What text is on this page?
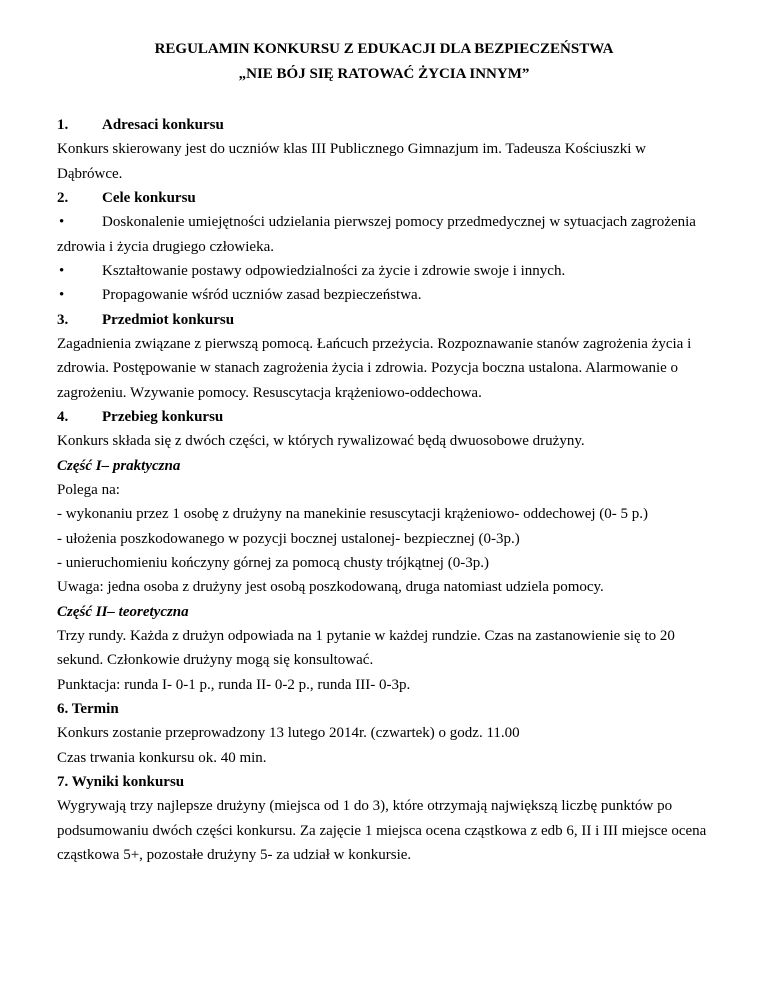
REGULAMIN KONKURSU Z EDUKACJI DLA BEZPIECZEŃSTWA
„NIE BÓJ SIĘ RATOWAĆ ŻYCIA INNYM”
1. Adresaci konkursu
Konkurs skierowany jest do uczniów klas III Publicznego Gimnazjum im. Tadeusza Kościuszki w
Dąbrówce.
2. Cele konkursu
•	Doskonalenie umiejętności udzielania pierwszej pomocy przedmedycznej w sytuacjach zagrożenia
zdrowia i życia drugiego człowieka.
•	Kształtowanie postawy odpowiedzialności za życie i zdrowie swoje i innych.
•	Propagowanie wśród uczniów zasad bezpieczeństwa.
3. Przedmiot konkursu
Zagadnienia związane z pierwszą pomocą. Łańcuch przeżycia. Rozpoznawanie stanów zagrożenia życia i
zdrowia. Postępowanie w stanach zagrożenia życia i zdrowia. Pozycja boczna ustalona. Alarmowanie o
zagrożeniu. Wzywanie pomocy. Resuscytacja krążeniowo-oddechowa.
4. Przebieg konkursu
Konkurs składa się z dwóch części, w których rywalizować będą dwuosobowe drużyny.
Część I– praktyczna
Polega na:
- wykonaniu przez 1 osobę z drużyny na manekinie resuscytacji krążeniowo- oddechowej (0- 5 p.)
- ułożenia poszkodowanego w pozycji bocznej ustalonej- bezpiecznej (0-3p.)
- unieruchomieniu kończyny górnej za pomocą chusty trójkątnej (0-3p.)
Uwaga: jedna osoba z drużyny jest osobą poszkodowaną, druga natomiast udziela pomocy.
Część II– teoretyczna
Trzy rundy. Każda z drużyn odpowiada na 1 pytanie w każdej rundzie. Czas na zastanowienie się to 20
sekund. Członkowie drużyny mogą się konsultować.
Punktacja: runda I- 0-1 p., runda II- 0-2 p., runda III- 0-3p.
6. Termin
Konkurs zostanie przeprowadzony 13 lutego 2014r. (czwartek) o godz. 11.00
Czas trwania konkursu ok. 40 min.
7. Wyniki konkursu
Wygrywają trzy najlepsze drużyny (miejsca od 1 do 3), które otrzymają największą liczbę punktów po
podsumowaniu dwóch części konkursu. Za zajęcie 1 miejsca ocena cząstkowa z edb 6, II i III miejsce ocena
cząstkowa 5+, pozostałe drużyny 5- za udział w konkursie.
